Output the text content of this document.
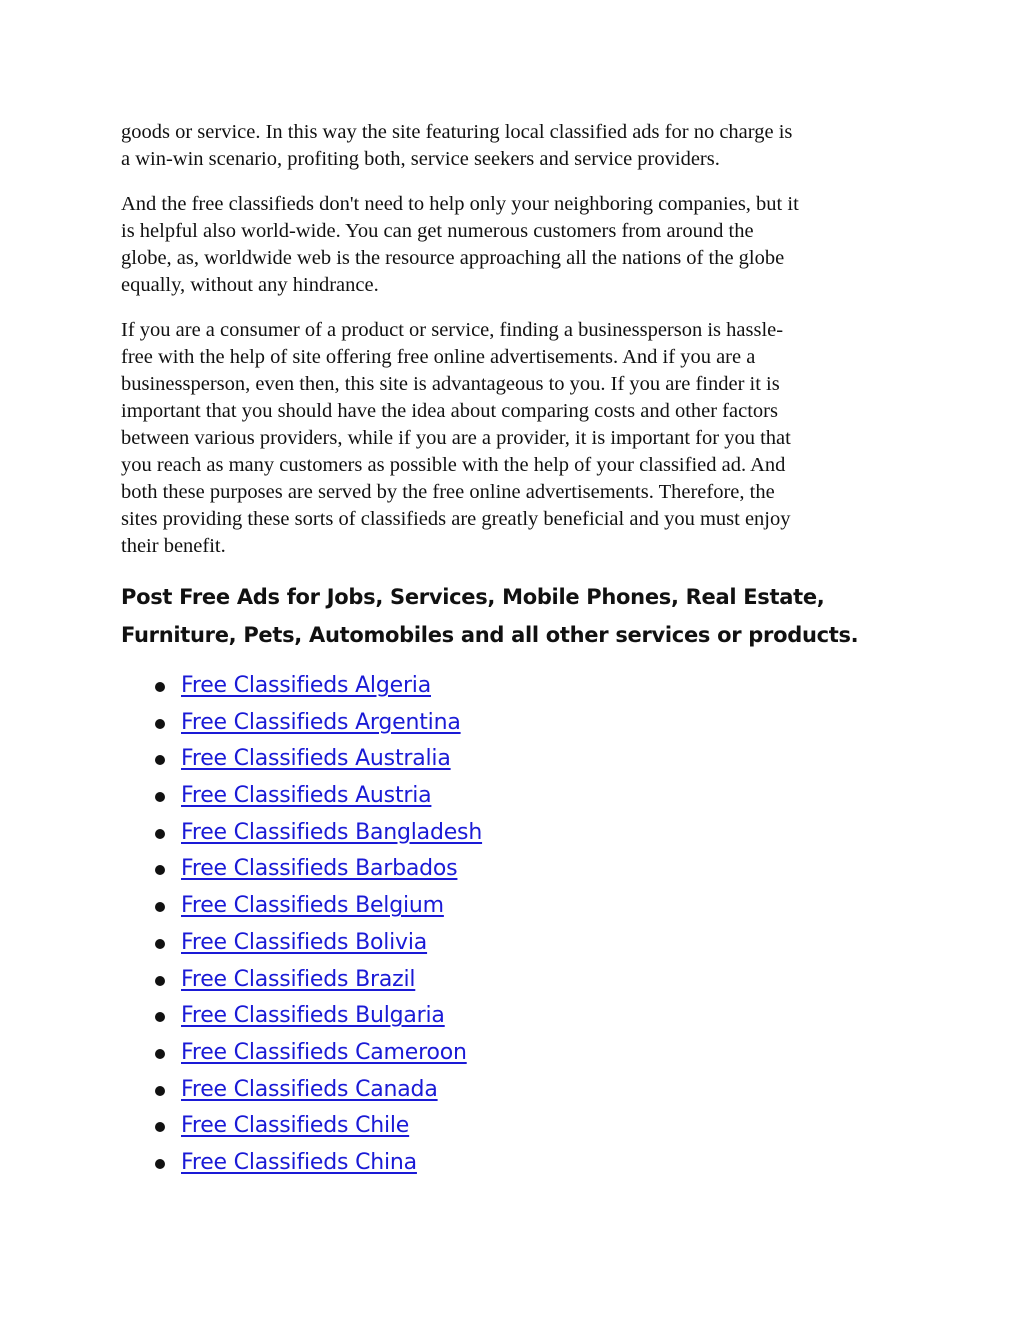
goods or service. In this way the site featuring local classified ads for no charge is
a win-win scenario, profiting both, service seekers and service providers.

And the free classifieds don't need to help only your neighboring companies, but it
is helpful also world-wide. You can get numerous customers from around the
globe, as, worldwide web is the resource approaching all the nations of the globe
equally, without any hindrance.

If you are a consumer of a product or service, finding a businessperson is hassle-
free with the help of site offering free online advertisements. And if you are a
businessperson, even then, this site is advantageous to you. If you are finder it is
important that you should have the idea about comparing costs and other factors
between various providers, while if you are a provider, it is important for you that
you reach as many customers as possible with the help of your classified ad. And
both these purposes are served by the free online advertisements. Therefore, the
sites providing these sorts of classifieds are greatly beneficial and you must enjoy
their benefit.

Post Free Ads for Jobs, Services, Mobile Phones, Real Estate,
Furniture, Pets, Automobiles and all other services or products.
Free Classifieds Algeria
Free Classifieds Argentina
Free Classifieds Australia
Free Classifieds Austria
Free Classifieds Bangladesh
Free Classifieds Barbados
Free Classifieds Belgium
Free Classifieds Bolivia
Free Classifieds Brazil
Free Classifieds Bulgaria
Free Classifieds Cameroon
Free Classifieds Canada
Free Classifieds Chile
Free Classifieds China
